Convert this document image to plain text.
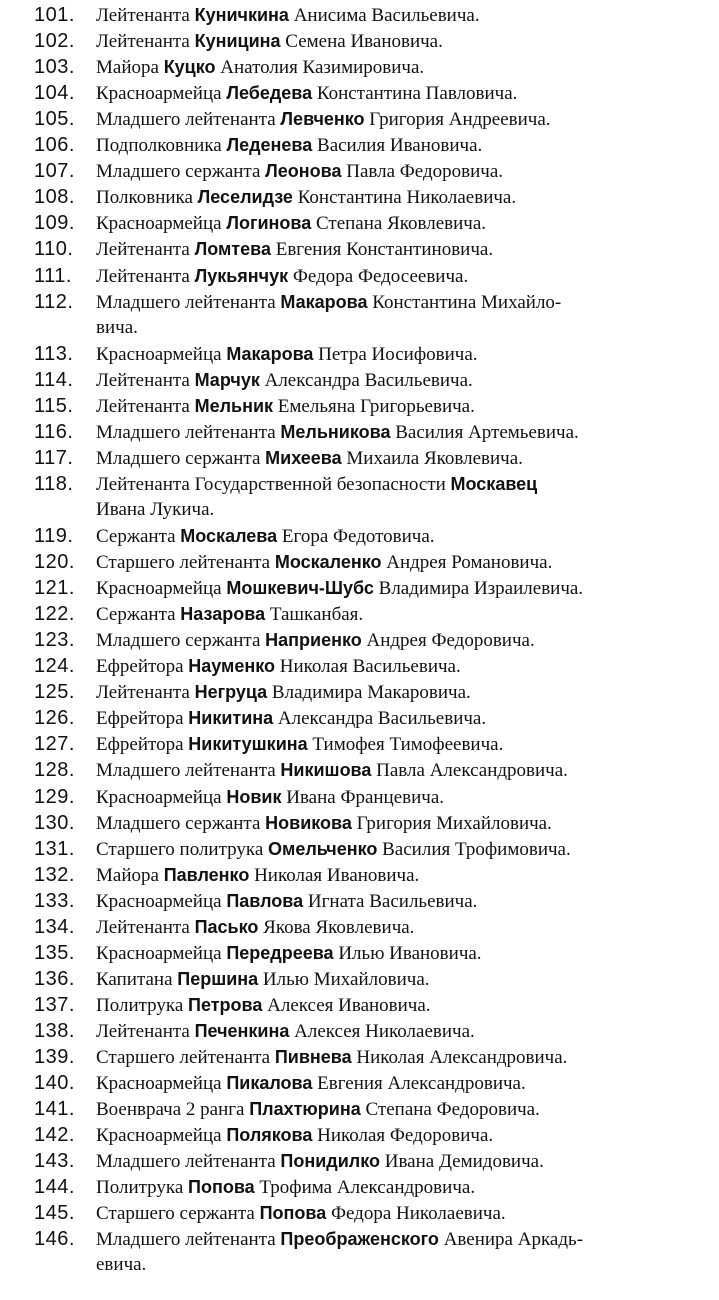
101.	Лейтенанта Куничкина Анисима Васильевича.
102.	Лейтенанта Куницина Семена Ивановича.
103.	Майора Куцко Анатолия Казимировича.
104.	Красноармейца Лебедева Константина Павловича.
105.	Младшего лейтенанта Левченко Григория Андреевича.
106.	Подполковника Леденева Василия Ивановича.
107.	Младшего сержанта Леонова Павла Федоровича.
108.	Полковника Леселидзе Константина Николаевича.
109.	Красноармейца Логинова Степана Яковлевича.
110.	Лейтенанта Ломтева Евгения Константиновича.
111.	Лейтенанта Лукьянчук Федора Федосеевича.
112.	Младшего лейтенанта Макарова Константина Михайло-
вича.
113.	Красноармейца Макарова Петра Иосифовича.
114.	Лейтенанта Марчук Александра Васильевича.
115.	Лейтенанта Мельник Емельяна Григорьевича.
116.	Младшего лейтенанта Мельникова Василия Артемьевича.
117.	Младшего сержанта Михеева Михаила Яковлевича.
118.	Лейтенанта Государственной безопасности Москавец
Ивана Лукича.
119.	Сержанта Москалева Егора Федотовича.
120.	Старшего лейтенанта Москаленко Андрея Романовича.
121.	Красноармейца Мошкевич-Шубс Владимира Израилевича.
122.	Сержанта Назарова Ташканбая.
123.	Младшего сержанта Наприенко Андрея Федоровича.
124.	Ефрейтора Науменко Николая Васильевича.
125.	Лейтенанта Негруца Владимира Макаровича.
126.	Ефрейтора Никитина Александра Васильевича.
127.	Ефрейтора Никитушкина Тимофея Тимофеевича.
128.	Младшего лейтенанта Никишова Павла Александровича.
129.	Красноармейца Новик Ивана Францевича.
130.	Младшего сержанта Новикова Григория Михайловича.
131.	Старшего политрука Омельченко Василия Трофимовича.
132.	Майора Павленко Николая Ивановича.
133.	Красноармейца Павлова Игната Васильевича.
134.	Лейтенанта Пасько Якова Яковлевича.
135.	Красноармейца Передреева Илью Ивановича.
136.	Капитана Першина Илью Михайловича.
137.	Политрука Петрова Алексея Ивановича.
138.	Лейтенанта Печенкина Алексея Николаевича.
139.	Старшего лейтенанта Пивнева Николая Александровича.
140.	Красноармейца Пикалова Евгения Александровича.
141.	Военврача 2 ранга Плахтюрина Степана Федоровича.
142.	Красноармейца Полякова Николая Федоровича.
143.	Младшего лейтенанта Понидилко Ивана Демидовича.
144.	Политрука Попова Трофима Александровича.
145.	Старшего сержанта Попова Федора Николаевича.
146.	Младшего лейтенанта Преображенского Авенира Аркадь-
евича.
